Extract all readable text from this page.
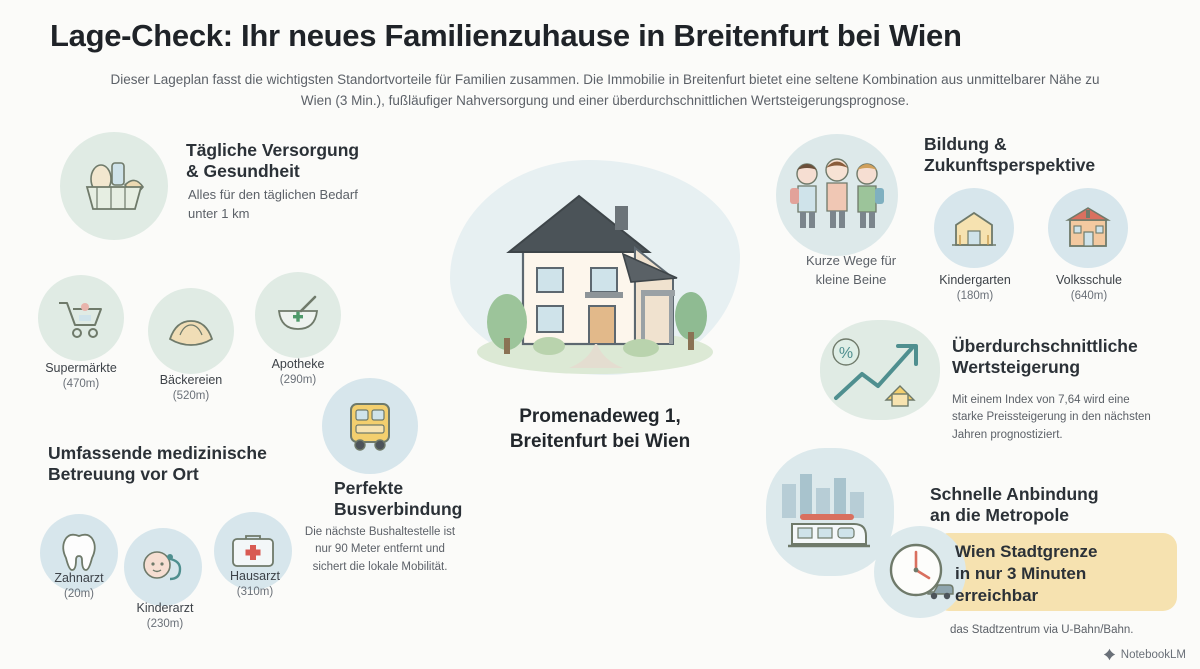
Lage-Check: Ihr neues Familienzuhause in Breitenfurt bei Wien
Dieser Lageplan fasst die wichtigsten Standortvorteile für Familien zusammen. Die Immobilie in Breitenfurt bietet eine seltene Kombination aus unmittelbarer Nähe zu Wien (3 Min.), fußläufiger Nahversorgung und einer überdurchschnittlichen Wertsteigerungsprognose.
Tägliche Versorgung
& Gesundheit
Alles für den täglichen Bedarf unter 1 km
Supermärkte
(470m)	Bäckereien
(520m)
Apotheke
(290m)
Umfassende medizinische
Betreuung vor Ort
Zahnarzt
(20m)
Kinderarzt
(230m)
Hausarzt
(310m)
Perfekte
Busverbindung
Die nächste Bushaltestelle ist nur 90 Meter entfernt und sichert die lokale Mobilität.
Promenadeweg 1,
Breitenfurt bei Wien
Bildung &
Zukunftsperspektive
Kurze Wege für
kleine Beine	Kindergarten
(180m)
Volksschule
(640m)
%	Überdurchschnittliche
Wertsteigerung
Mit einem Index von 7,64 wird eine starke Preissteigerung in den nächsten Jahren prognostiziert.
Schnelle Anbindung
an die Metropole
Wien Stadtgrenze
in nur 3 Minuten
erreichbar
das Stadtzentrum via U-Bahn/Bahn.
NotebookLM
